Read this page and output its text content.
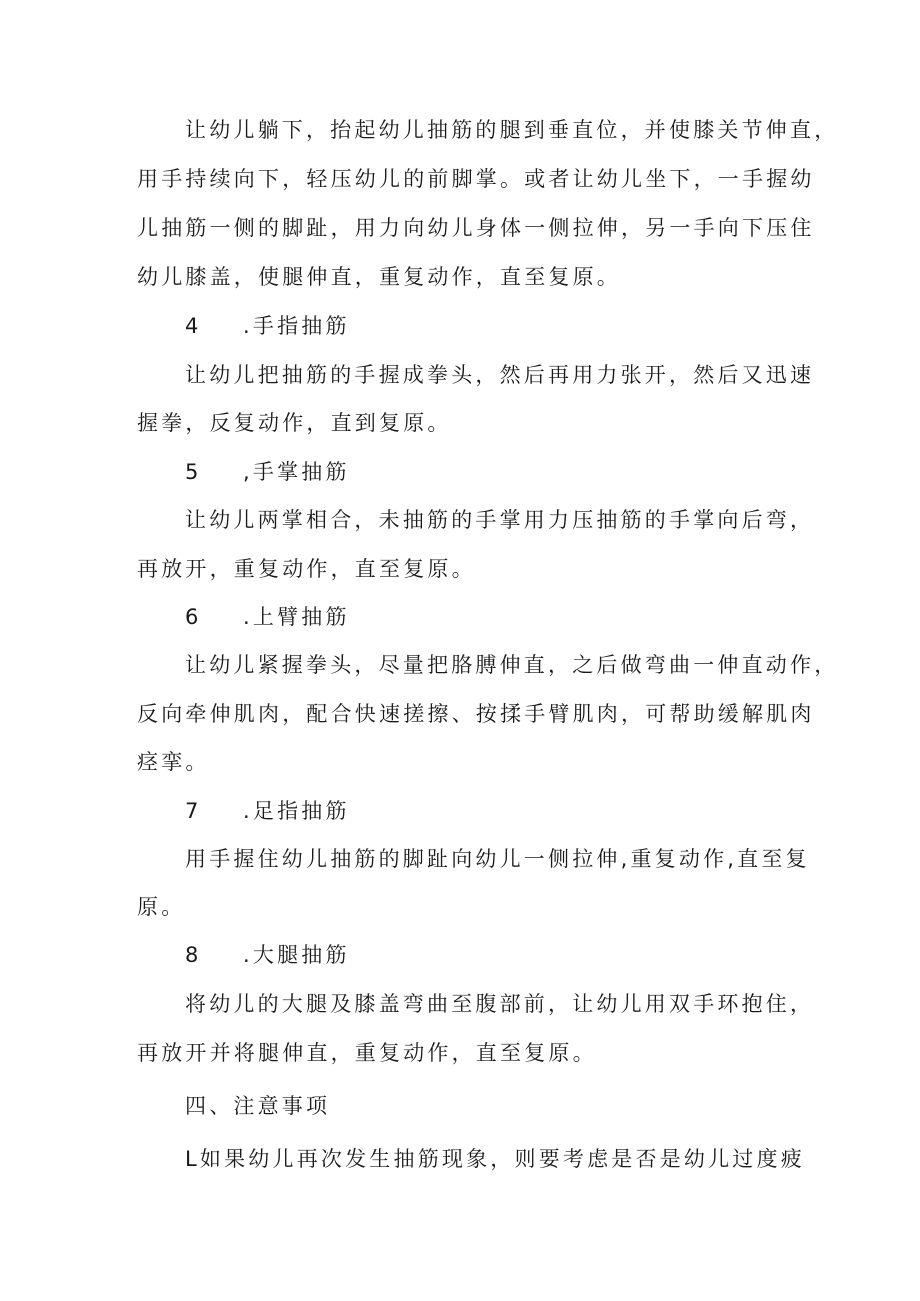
让幼儿躺下，抬起幼儿抽筋的腿到垂直位，并使膝关节伸直，
用手持续向下，轻压幼儿的前脚掌。或者让幼儿坐下，一手握幼
儿抽筋一侧的脚趾，用力向幼儿身体一侧拉伸，另一手向下压住
幼儿膝盖，使腿伸直，重复动作，直至复原。
4 .手指抽筋
让幼儿把抽筋的手握成拳头，然后再用力张开，然后又迅速
握拳，反复动作，直到复原。
5 ,手掌抽筋
让幼儿两掌相合，未抽筋的手掌用力压抽筋的手掌向后弯，
再放开，重复动作，直至复原。
6 .上臂抽筋
让幼儿紧握拳头，尽量把胳膊伸直，之后做弯曲一伸直动作，
反向牵伸肌肉，配合快速搓擦、按揉手臂肌肉，可帮助缓解肌肉
痉挛。
7 .足指抽筋
用手握住幼儿抽筋的脚趾向幼儿一侧拉伸,重复动作,直至复
原。
8 .大腿抽筋
将幼儿的大腿及膝盖弯曲至腹部前，让幼儿用双手环抱住，
再放开并将腿伸直，重复动作，直至复原。
四、注意事项
L如果幼儿再次发生抽筋现象，则要考虑是否是幼儿过度疲
